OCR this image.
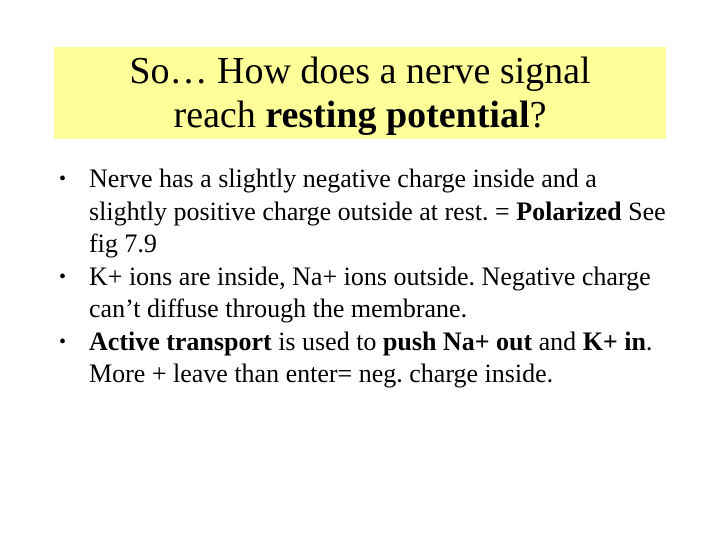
So… How does a nerve signal
reach resting potential?
• Nerve has a slightly negative charge inside and a slightly positive charge outside at rest. = Polarized See fig 7.9
• K+ ions are inside, Na+ ions outside. Negative charge can’t diffuse through the membrane.
• Active transport is used to push Na+ out and K+ in. More + leave than enter= neg. charge inside.
